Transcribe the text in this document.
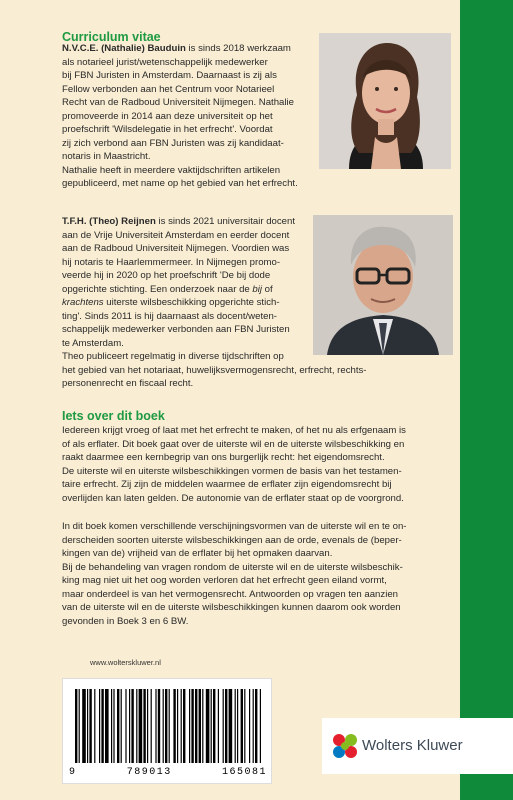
Curriculum vitae
N.V.C.E. (Nathalie) Bauduin is sinds 2018 werkzaam
als notarieel jurist/wetenschappelijk medewerker
bij FBN Juristen in Amsterdam. Daarnaast is zij als
Fellow verbonden aan het Centrum voor Notarieel
Recht van de Radboud Universiteit Nijmegen. Nathalie
promoveerde in 2014 aan deze universiteit op het
proefschrift 'Wilsdelegatie in het erfrecht'. Voordat
zij zich verbond aan FBN Juristen was zij kandidaat-
notaris in Maastricht.
Nathalie heeft in meerdere vaktijdschriften artikelen
gepubliceerd, met name op het gebied van het erfrecht.
T.F.H. (Theo) Reijnen is sinds 2021 universitair docent
aan de Vrije Universiteit Amsterdam en eerder docent
aan de Radboud Universiteit Nijmegen. Voordien was
hij notaris te Haarlemmermeer. In Nijmegen promo-
veerde hij in 2020 op het proefschrift 'De bij dode
opgerichte stichting. Een onderzoek naar de bij of
krachtens uiterste wilsbeschikking opgerichte stich-
ting'. Sinds 2011 is hij daarnaast als docent/weten-
schappelijk medewerker verbonden aan FBN Juristen
te Amsterdam.
Theo publiceert regelmatig in diverse tijdschriften op
het gebied van het notariaat, huwelijksvermogensrecht, erfrecht, rechts-
personenrecht en fiscaal recht.
Iets over dit boek
Iedereen krijgt vroeg of laat met het erfrecht te maken, of het nu als erfgenaam is
of als erflater. Dit boek gaat over de uiterste wil en de uiterste wilsbeschikking en
raakt daarmee een kernbegrip van ons burgerlijk recht: het eigendomsrecht.
De uiterste wil en uiterste wilsbeschikkingen vormen de basis van het testamen-
taire erfrecht. Zij zijn de middelen waarmee de erflater zijn eigendomsrecht bij
overlijden kan laten gelden. De autonomie van de erflater staat op de voorgrond.
In dit boek komen verschillende verschijningsvormen van de uiterste wil en te on-
derscheiden soorten uiterste wilsbeschikkingen aan de orde, evenals de (beper-
kingen van de) vrijheid van de erflater bij het opmaken daarvan.
Bij de behandeling van vragen rondom de uiterste wil en de uiterste wilsbeschik-
king mag niet uit het oog worden verloren dat het erfrecht geen eiland vormt,
maar onderdeel is van het vermogensrecht. Antwoorden op vragen ten aanzien
van de uiterste wil en de uiterste wilsbeschikkingen kunnen daarom ook worden
gevonden in Boek 3 en 6 BW.
www.wolterskluwer.nl
9	789013	165081
Wolters Kluwer
